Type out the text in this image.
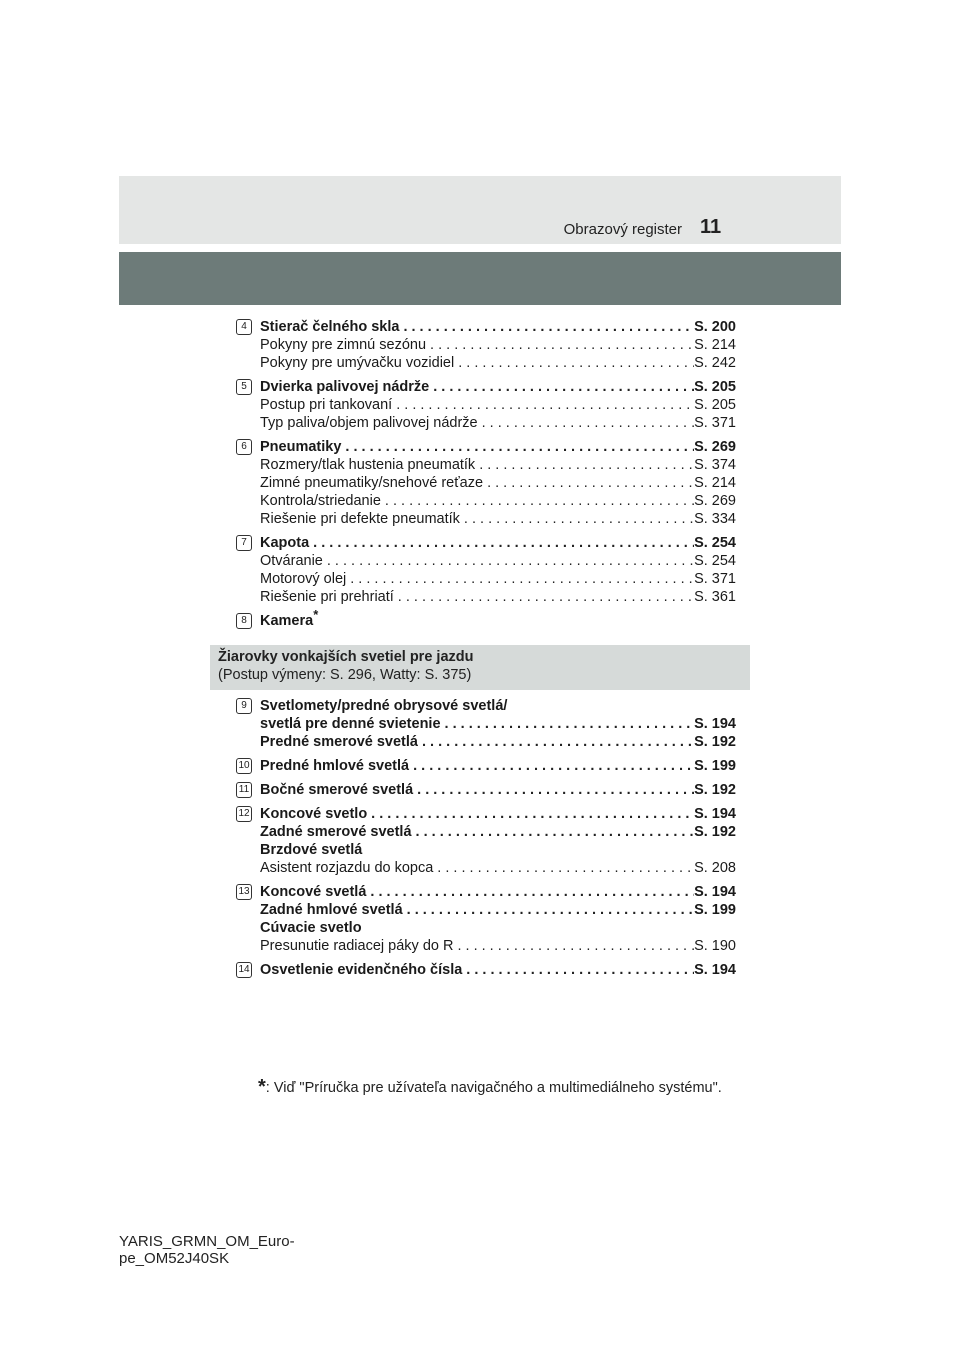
Obrazový register 11
4 Stierač čelného skla . . .	S. 200
Pokyny pre zimnú sezónu . . .	S. 214
Pokyny pre umývačku vozidiel . . .	S. 242
5 Dvierka palivovej nádrže . . .	S. 205
Postup pri tankovaní . . .	S. 205
Typ paliva/objem palivovej nádrže . . .	S. 371
6 Pneumatiky . . .	S. 269
Rozmery/tlak hustenia pneumatík . . .	S. 374
Zimné pneumatiky/snehové reťaze . . .	S. 214
Kontrola/striedanie . . .	S. 269
Riešenie pri defekte pneumatík . . .	S. 334
7 Kapota . . .	S. 254
Otváranie . . .	S. 254
Motorový olej . . .	S. 371
Riešenie pri prehriatí . . .	S. 361
8 Kamera*
Žiarovky vonkajších svetiel pre jazdu
(Postup výmeny: S. 296, Watty: S. 375)
9 Svetlomety/predné obrysové svetlá/
svetlá pre denné svietenie . . .	S. 194
Predné smerové svetlá . . .	S. 192
10 Predné hmlové svetlá . . .	S. 199
11 Bočné smerové svetlá . . .	S. 192
12 Koncové svetlo . . .	S. 194
Zadné smerové svetlá . . .	S. 192
Brzdové svetlá
Asistent rozjazdu do kopca . . .	S. 208
13 Koncové svetlá . . .	S. 194
Zadné hmlové svetlá . . .	S. 199
Cúvacie svetlo
Presunutie radiacej páky do R . . .	S. 190
14 Osvetlenie evidenčného čísla . . .	S. 194
*: Viď "Príručka pre užívateľa navigačného a multimediálneho systému".
YARIS_GRMN_OM_Euro-
pe_OM52J40SK
